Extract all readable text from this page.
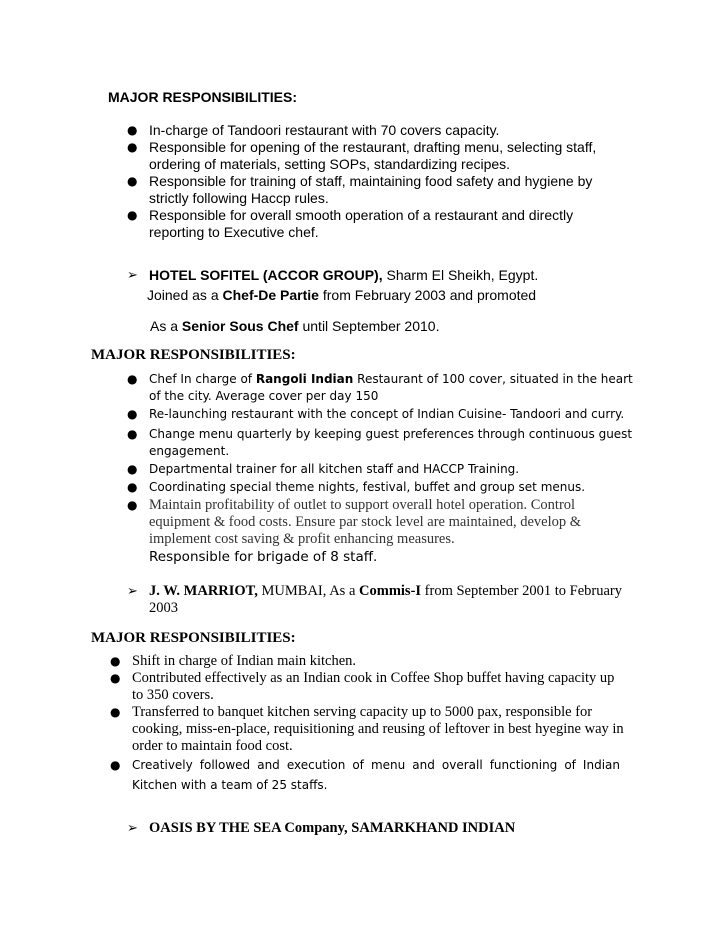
MAJOR RESPONSIBILITIES:
● In-charge of Tandoori restaurant with 70 covers capacity.
● Responsible for opening of the restaurant, drafting menu, selecting staff,
ordering of materials, setting SOPs, standardizing recipes.
● Responsible for training of staff, maintaining food safety and hygiene by
strictly following Haccp rules.
● Responsible for overall smooth operation of a restaurant and directly
reporting to Executive chef.
➢ HOTEL SOFITEL (ACCOR GROUP), Sharm El Sheikh, Egypt.
Joined as a Chef-De Partie from February 2003 and promoted
As a Senior Sous Chef until September 2010.
MAJOR RESPONSIBILITIES:
● Chef In charge of Rangoli Indian Restaurant of 100 cover, situated in the heart
of the city. Average cover per day 150
● Re-launching restaurant with the concept of Indian Cuisine- Tandoori and curry.
● Change menu quarterly by keeping guest preferences through continuous guest
engagement.
● Departmental trainer for all kitchen staff and HACCP Training.
● Coordinating special theme nights, festival, buffet and group set menus.
● Maintain profitability of outlet to support overall hotel operation. Control
equipment & food costs. Ensure par stock level are maintained, develop &
implement cost saving & profit enhancing measures.
Responsible for brigade of 8 staff.
➢ J. W. MARRIOT, MUMBAI, As a Commis-I from September 2001 to February
2003
MAJOR RESPONSIBILITIES:
● Shift in charge of Indian main kitchen.
● Contributed effectively as an Indian cook in Coffee Shop buffet having capacity up
to 350 covers.
● Transferred to banquet kitchen serving capacity up to 5000 pax, responsible for
cooking, miss-en-place, requisitioning and reusing of leftover in best hyegine way in
order to maintain food cost.
● Creatively followed and execution of menu and overall functioning of Indian
Kitchen with a team of 25 staffs.
➢ OASIS BY THE SEA Company, SAMARKHAND INDIAN
